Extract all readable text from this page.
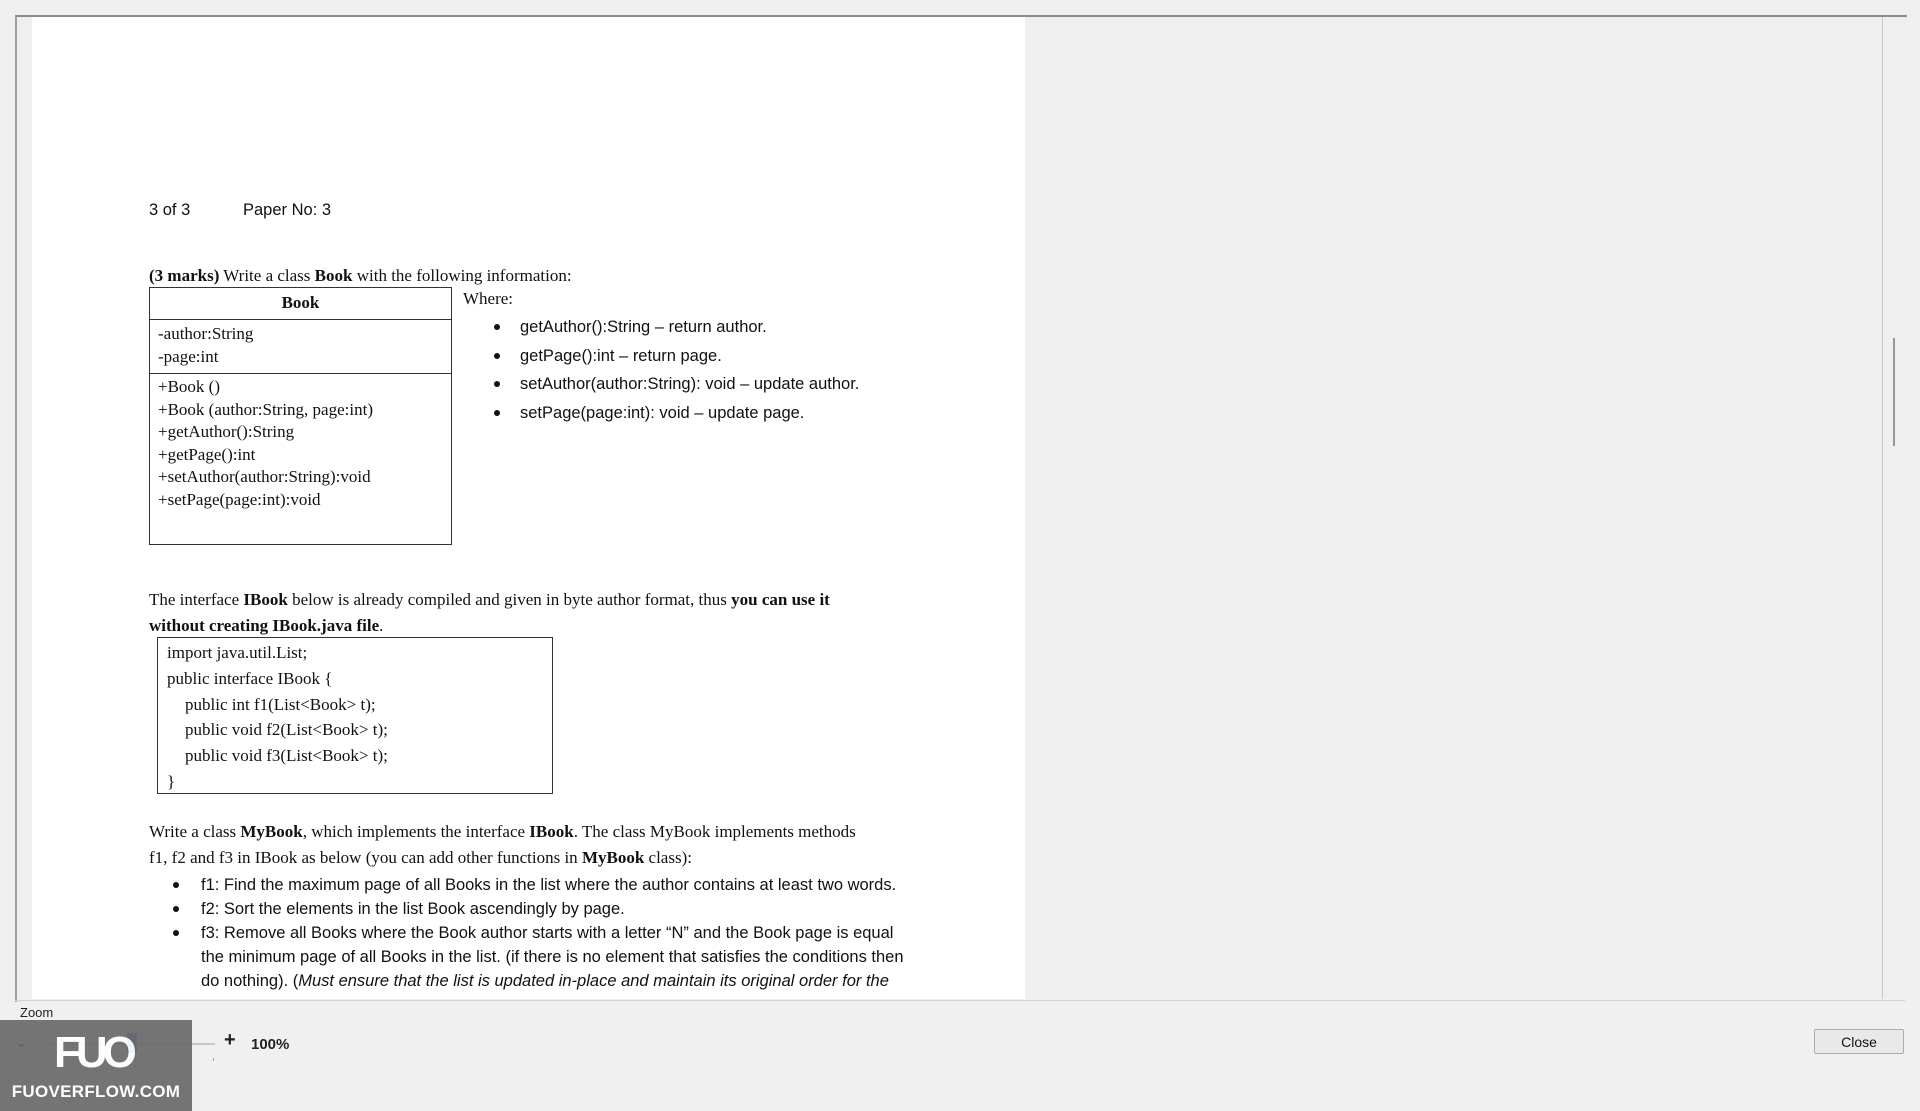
3 of 3	Paper No: 3
(3 marks) Write a class Book with the following information:
Book
-author:String
-page:int
+Book ()
+Book (author:String, page:int)
+getAuthor():String
+getPage():int
+setAuthor(author:String):void
+setPage(page:int):void
Where:
getAuthor():String – return author.
getPage():int – return page.
setAuthor(author:String): void – update author.
setPage(page:int): void – update page.
The interface IBook below is already compiled and given in byte author format, thus you can use it
without creating IBook.java file.
import java.util.List;
public interface IBook {
public int f1(List<Book> t);
public void f2(List<Book> t);
public void f3(List<Book> t);
}
Write a class MyBook, which implements the interface IBook. The class MyBook implements methods
f1, f2 and f3 in IBook as below (you can add other functions in MyBook class):
f1: Find the maximum page of all Books in the list where the author contains at least two words.
f2: Sort the elements in the list Book ascendingly by page.
f3: Remove all Books where the Book author starts with a letter “N” and the Book page is equal
the minimum page of all Books in the list. (if there is no element that satisfies the conditions then
do nothing). (Must ensure that the list is updated in-place and maintain its original order for the
Zoom
+ 100%	Close
FUO
FUOVERFLOW.COM
